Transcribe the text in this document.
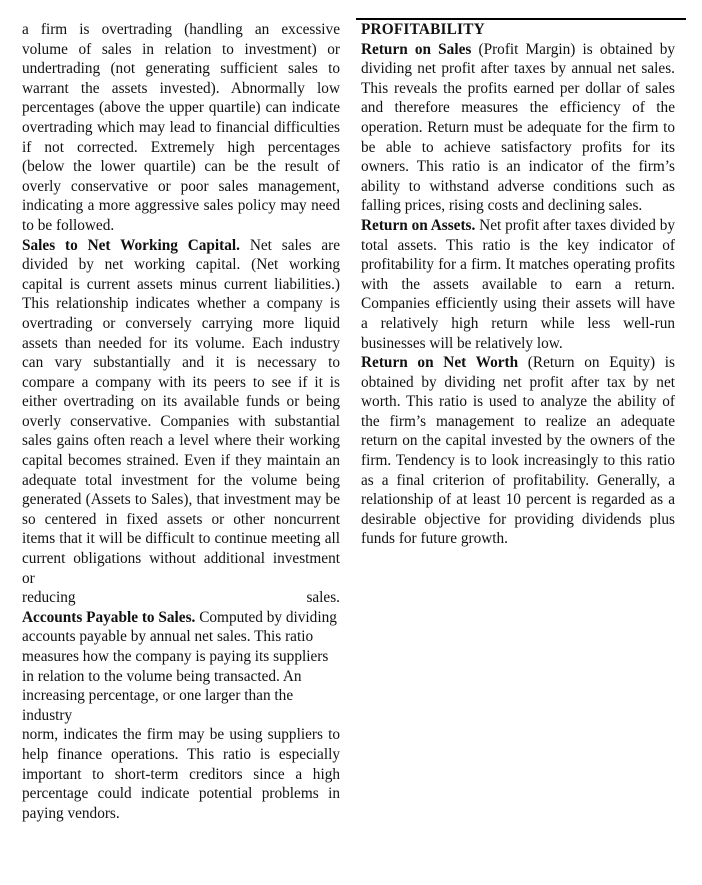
a firm is overtrading (handling an excessive volume of sales in relation to investment) or undertrading (not generating sufficient sales to warrant the assets invested). Abnormally low percentages (above the upper quartile) can indicate overtrading which may lead to financial difficulties if not corrected. Extremely high percentages (below the lower quartile) can be the result of overly conservative or poor sales management, indicating a more aggressive sales policy may need to be followed.

Sales to Net Working Capital. Net sales are divided by net working capital. (Net working capital is current assets minus current liabilities.) This relationship indicates whether a company is overtrading or conversely carrying more liquid assets than needed for its volume. Each industry can vary substantially and it is necessary to compare a company with its peers to see if it is either overtrading on its available funds or being overly conservative. Companies with substantial sales gains often reach a level where their working capital becomes strained. Even if they maintain an adequate total investment for the volume being generated (Assets to Sales), that investment may be so centered in fixed assets or other noncurrent items that it will be difficult to continue meeting all current obligations without additional investment or

reducing	sales.

Accounts Payable to Sales. Computed by dividing accounts payable by annual net sales. This ratio measures how the company is paying its suppliers in relation to the volume being transacted. An increasing percentage, or one larger than the industry

norm, indicates the firm may be using suppliers to help finance operations. This ratio is especially important to short-term creditors since a high percentage could indicate potential problems in paying vendors.

PROFITABILITY

Return on Sales (Profit Margin) is obtained by dividing net profit after taxes by annual net sales. This reveals the profits earned per dollar of sales and therefore measures the efficiency of the operation. Return must be adequate for the firm to be able to achieve satisfactory profits for its owners. This ratio is an indicator of the firm’s ability to withstand adverse conditions such as falling prices, rising costs and declining sales.

Return on Assets. Net profit after taxes divided by total assets. This ratio is the key indicator of profitability for a firm. It matches operating profits with the assets available to earn a return. Companies efficiently using their assets will have a relatively high return while less well-run businesses will be relatively low.

Return on Net Worth (Return on Equity) is obtained by dividing net profit after tax by net worth. This ratio is used to analyze the ability of the firm’s management to realize an adequate return on the capital invested by the owners of the firm. Tendency is to look increasingly to this ratio as a final criterion of profitability. Generally, a relationship of at least 10 percent is regarded as a desirable objective for providing dividends plus funds for future growth.
